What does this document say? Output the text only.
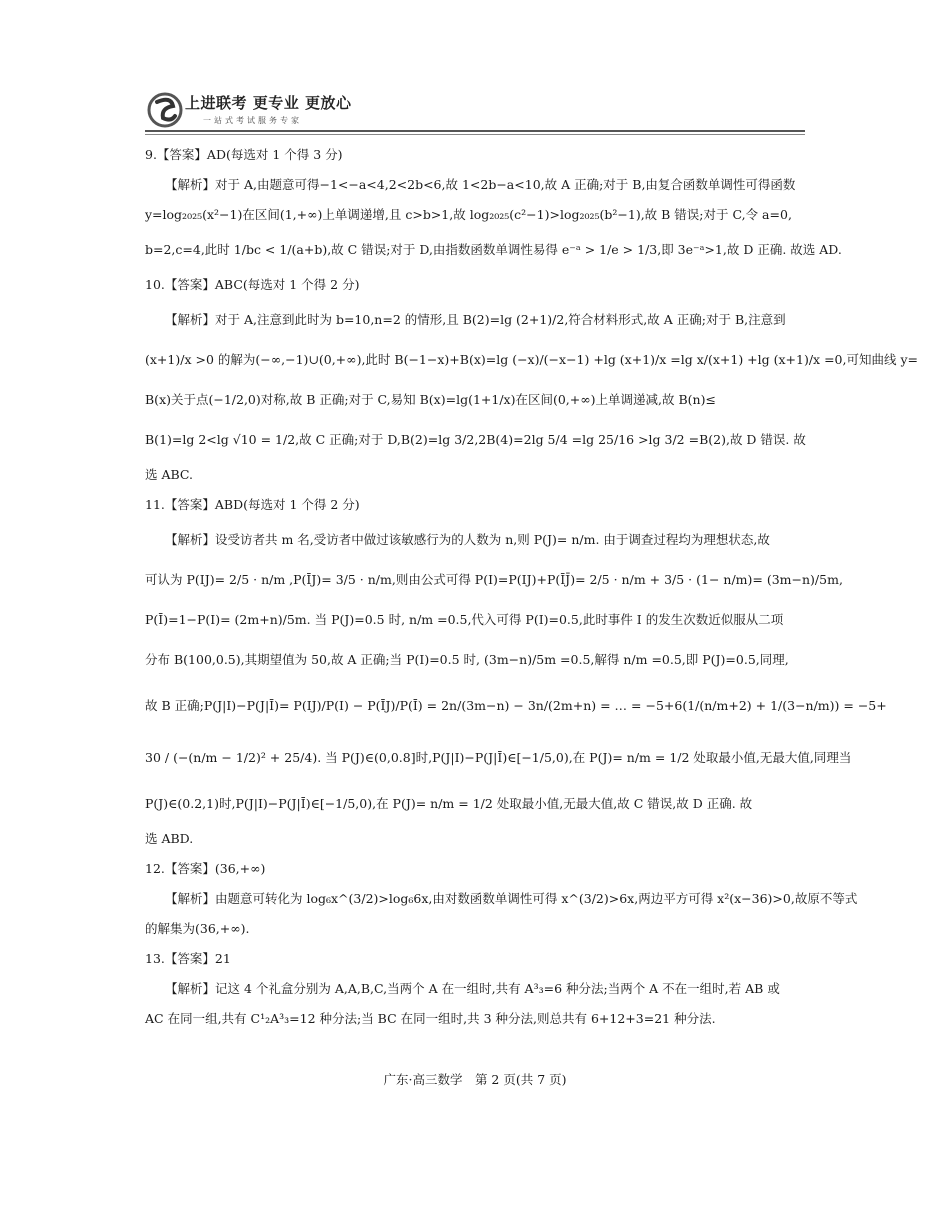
上进联考 更专业 更放心
一站式考试服务专家
9.【答案】AD(每选对 1 个得 3 分)
【解析】对于 A,由题意可得−1<−a<4,2<2b<6,故 1<2b−a<10,故 A 正确;对于 B,由复合函数单调性可得函数
y=log₂₀₂₅(x²−1)在区间(1,+∞)上单调递增,且 c>b>1,故 log₂₀₂₅(c²−1)>log₂₀₂₅(b²−1),故 B 错误;对于 C,令 a=0,
b=2,c=4,此时 1/bc < 1/(a+b),故 C 错误;对于 D,由指数函数单调性易得 e⁻ᵃ > 1/e > 1/3,即 3e⁻ᵃ>1,故 D 正确. 故选 AD.
10.【答案】ABC(每选对 1 个得 2 分)
【解析】对于 A,注意到此时为 b=10,n=2 的情形,且 B(2)=lg (2+1)/2,符合材料形式,故 A 正确;对于 B,注意到
(x+1)/x >0 的解为(−∞,−1)∪(0,+∞),此时 B(−1−x)+B(x)=lg (−x)/(−x−1) +lg (x+1)/x =lg x/(x+1) +lg (x+1)/x =0,可知曲线 y=
B(x)关于点(−1/2,0)对称,故 B 正确;对于 C,易知 B(x)=lg(1+1/x)在区间(0,+∞)上单调递减,故 B(n)≤
B(1)=lg 2<lg √10 = 1/2,故 C 正确;对于 D,B(2)=lg 3/2,2B(4)=2lg 5/4 =lg 25/16 >lg 3/2 =B(2),故 D 错误. 故
选 ABC.
11.【答案】ABD(每选对 1 个得 2 分)
【解析】设受访者共 m 名,受访者中做过该敏感行为的人数为 n,则 P(J)= n/m. 由于调查过程均为理想状态,故
可认为 P(IJ)= 2/5 · n/m ,P(ĪJ)= 3/5 · n/m,则由公式可得 P(I)=P(IJ)+P(ĪJ̄)= 2/5 · n/m + 3/5 · (1− n/m)= (3m−n)/5m,
P(Ī)=1−P(I)= (2m+n)/5m. 当 P(J)=0.5 时, n/m =0.5,代入可得 P(I)=0.5,此时事件 I 的发生次数近似服从二项
分布 B(100,0.5),其期望值为 50,故 A 正确;当 P(I)=0.5 时, (3m−n)/5m =0.5,解得 n/m =0.5,即 P(J)=0.5,同理,
故 B 正确;P(J|I)−P(J|Ī)= P(IJ)/P(I) − P(ĪJ)/P(Ī) = 2n/(3m−n) − 3n/(2m+n) = … = −5+6(1/(n/m+2) + 1/(3−n/m)) = −5+
30 / (−(n/m − 1/2)² + 25/4). 当 P(J)∈(0,0.8]时,P(J|I)−P(J|Ī)∈[−1/5,0),在 P(J)= n/m = 1/2 处取最小值,无最大值,同理当
P(J)∈(0.2,1)时,P(J|I)−P(J|Ī)∈[−1/5,0),在 P(J)= n/m = 1/2 处取最小值,无最大值,故 C 错误,故 D 正确. 故
选 ABD.
12.【答案】(36,+∞)
【解析】由题意可转化为 log₆x^(3/2)>log₆6x,由对数函数单调性可得 x^(3/2)>6x,两边平方可得 x²(x−36)>0,故原不等式
的解集为(36,+∞).
13.【答案】21
【解析】记这 4 个礼盒分别为 A,A,B,C,当两个 A 在一组时,共有 A³₃=6 种分法;当两个 A 不在一组时,若 AB 或
AC 在同一组,共有 C¹₂A³₃=12 种分法;当 BC 在同一组时,共 3 种分法,则总共有 6+12+3=21 种分法.
广东·高三数学　第 2 页(共 7 页)
